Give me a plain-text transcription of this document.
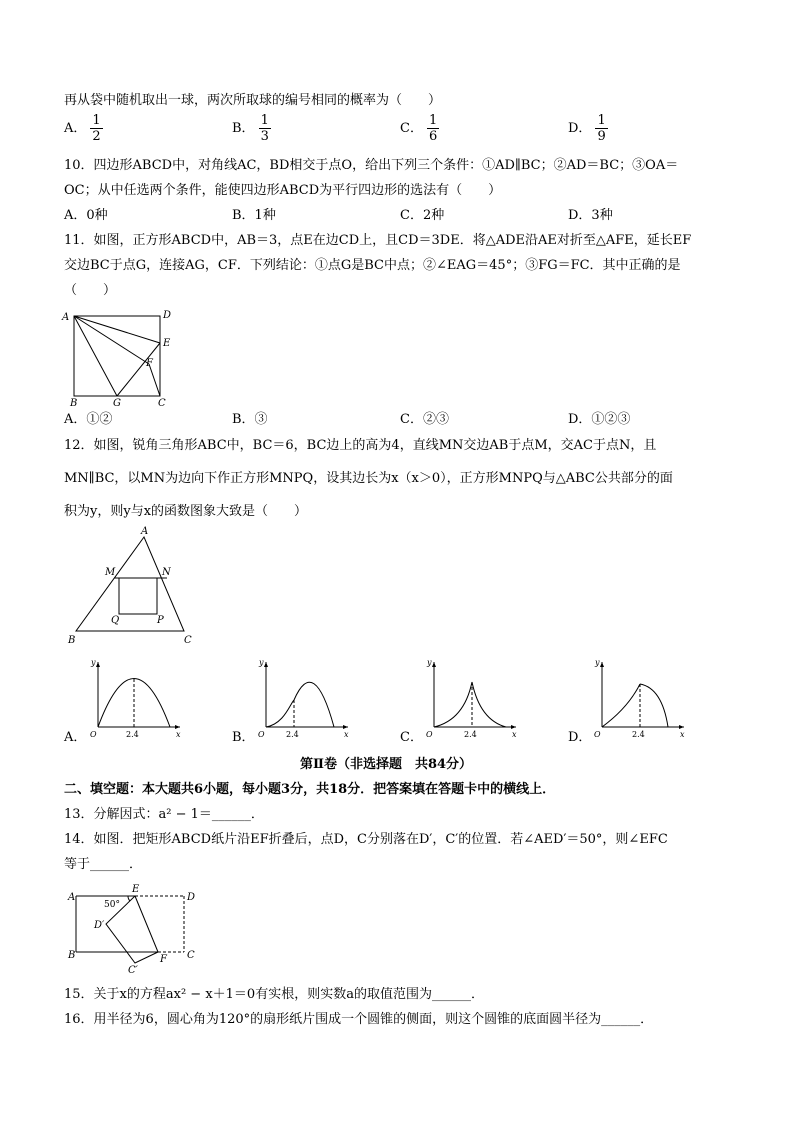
再从袋中随机取出一球，两次所取球的编号相同的概率为（　　）
A． $\frac{1}{2}$	B． $\frac{1}{3}$	C． $\frac{1}{6}$	D． $\frac{1}{9}$
10．四边形ABCD中，对角线AC，BD相交于点O，给出下列三个条件：①AD∥BC；②AD＝BC；③OA＝
OC；从中任选两个条件，能使四边形ABCD为平行四边形的选法有（　　）
A．0种	B．1种	C．2种	D．3种
11．如图，正方形ABCD中，AB＝3，点E在边CD上，且CD＝3DE．将△ADE沿AE对折至△AFE，延长EF
交边BC于点G，连接AG，CF．下列结论：①点G是BC中点；②∠EAG＝45°；③FG＝FC．其中正确的是
（　　）
A	D
E
F
B	G	C
A．①②	B．③	C．②③	D．①②③
12．如图，锐角三角形ABC中，BC＝6，BC边上的高为4，直线MN交边AB于点M，交AC于点N，且
MN∥BC，以MN为边向下作正方形MNPQ，设其边长为x（x＞0），正方形MNPQ与△ABC公共部分的面
积为y，则y与x的函数图象大致是（　　）
A
M	N
Q	P
B	C
y
O	2.4	x
A．
y
O	2.4	x
B．
y
O	2.4	x
C．
y
O	2.4	x
D．
第Ⅱ卷（非选择题　共84分）
二、填空题：本大题共6小题，每小题3分，共18分．把答案填在答题卡中的横线上．
13．分解因式：a² − 1＝______．
14．如图．把矩形ABCD纸片沿EF折叠后，点D，C分别落在D′，C′的位置．若∠AED′＝50°，则∠EFC
等于______．
A
E
D
50°
D′
B	F C
C′
15．关于x的方程ax² − x＋1＝0有实根，则实数a的取值范围为______．
16．用半径为6，圆心角为120°的扇形纸片围成一个圆锥的侧面，则这个圆锥的底面圆半径为______．
